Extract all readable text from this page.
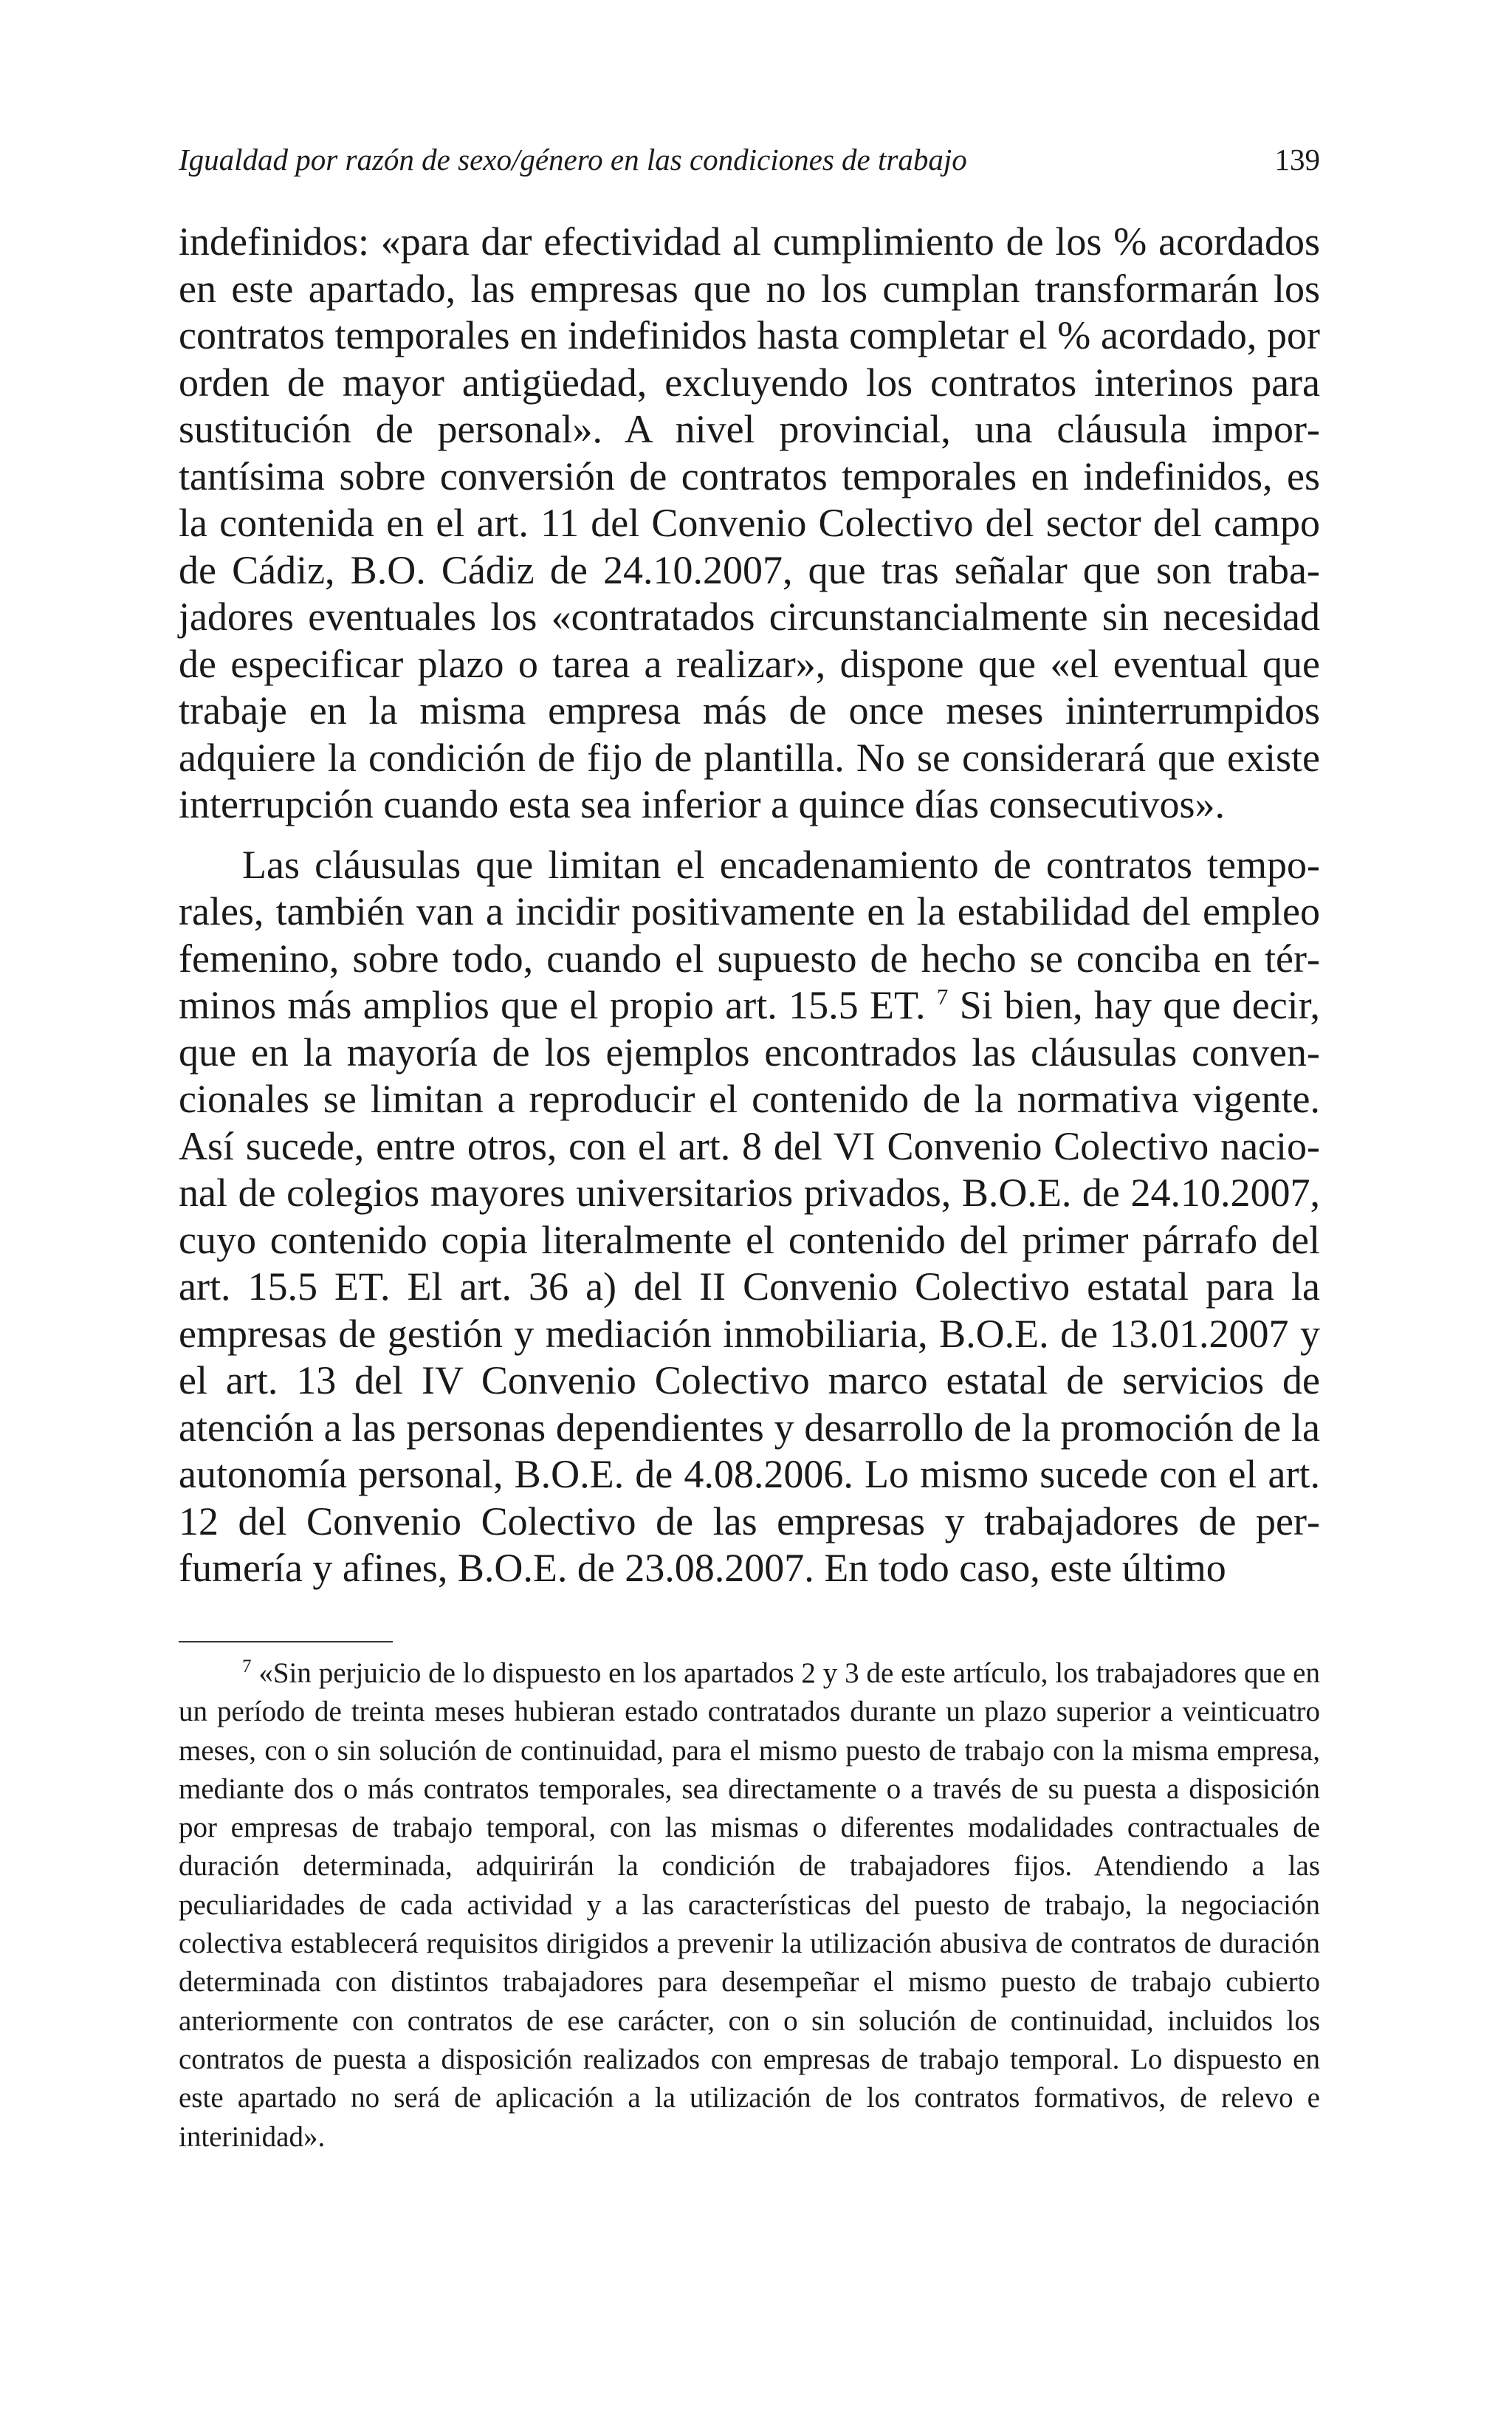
Igualdad por razón de sexo/género en las condiciones de trabajo	139

indefinidos: «para dar efectividad al cumplimiento de los % acordados en este apartado, las empresas que no los cumplan transformarán los contratos temporales en indefinidos hasta completar el % acordado, por orden de mayor antigüedad, excluyendo los contratos interinos para sustitución de personal». A nivel provincial, una cláusula importantísima sobre conversión de contratos temporales en indefinidos, es la contenida en el art. 11 del Convenio Colectivo del sector del campo de Cádiz, B.O. Cádiz de 24.10.2007, que tras señalar que son trabajadores eventuales los «contratados circunstancialmente sin necesidad de especificar plazo o tarea a realizar», dispone que «el eventual que trabaje en la misma empresa más de once meses ininterrumpidos adquiere la condición de fijo de plantilla. No se considerará que existe interrupción cuando esta sea inferior a quince días consecutivos».

Las cláusulas que limitan el encadenamiento de contratos temporales, también van a incidir positivamente en la estabilidad del empleo femenino, sobre todo, cuando el supuesto de hecho se conciba en términos más amplios que el propio art. 15.5 ET. $^7$ Si bien, hay que decir, que en la mayoría de los ejemplos encontrados las cláusulas convencionales se limitan a reproducir el contenido de la normativa vigente. Así sucede, entre otros, con el art. 8 del VI Convenio Colectivo nacional de colegios mayores universitarios privados, B.O.E. de 24.10.2007, cuyo contenido copia literalmente el contenido del primer párrafo del art. 15.5 ET. El art. 36 a) del II Convenio Colectivo estatal para la empresas de gestión y mediación inmobiliaria, B.O.E. de 13.01.2007 y el art. 13 del IV Convenio Colectivo marco estatal de servicios de atención a las personas dependientes y desarrollo de la promoción de la autonomía personal, B.O.E. de 4.08.2006. Lo mismo sucede con el art. 12 del Convenio Colectivo de las empresas y trabajadores de perfumería y afines, B.O.E. de 23.08.2007. En todo caso, este último

$^7$ «Sin perjuicio de lo dispuesto en los apartados 2 y 3 de este artículo, los trabajadores que en un período de treinta meses hubieran estado contratados durante un plazo superior a veinticuatro meses, con o sin solución de continuidad, para el mismo puesto de trabajo con la misma empresa, mediante dos o más contratos temporales, sea directamente o a través de su puesta a disposición por empresas de trabajo temporal, con las mismas o diferentes modalidades contractuales de duración determinada, adquirirán la condición de trabajadores fijos. Atendiendo a las peculiaridades de cada actividad y a las características del puesto de trabajo, la negociación colectiva establecerá requisitos dirigidos a prevenir la utilización abusiva de contratos de duración determinada con distintos trabajadores para desempeñar el mismo puesto de trabajo cubierto anteriormente con contratos de ese carácter, con o sin solución de continuidad, incluidos los contratos de puesta a disposición realizados con empresas de trabajo temporal. Lo dispuesto en este apartado no será de aplicación a la utilización de los contratos formativos, de relevo e interinidad».
